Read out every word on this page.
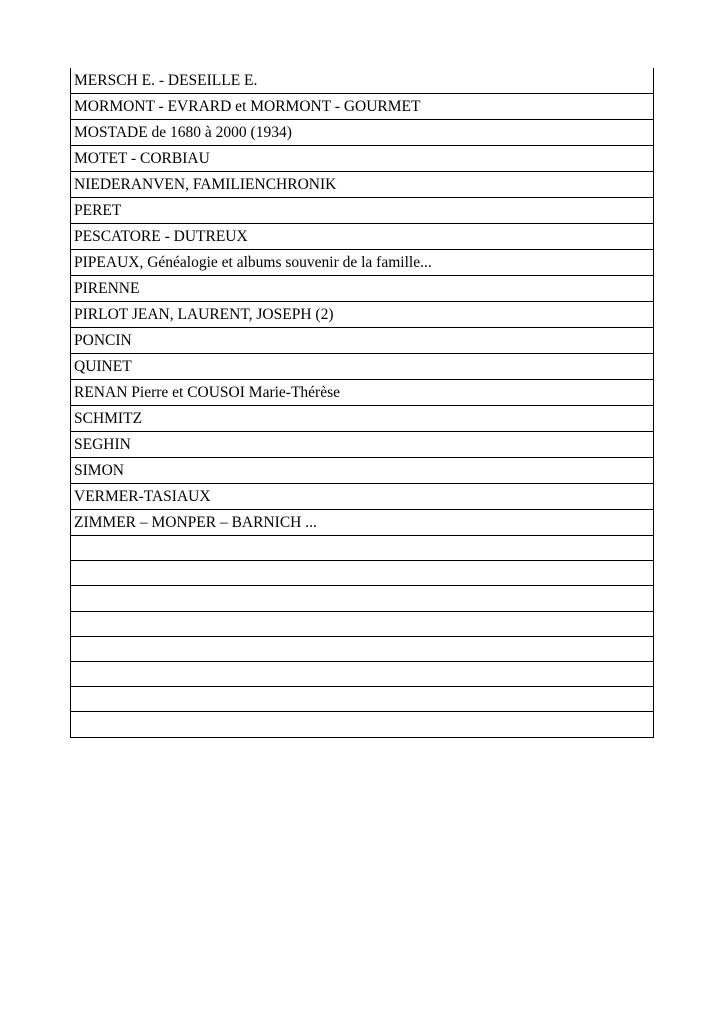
MERSCH E. - DESEILLE E.
MORMONT - EVRARD et MORMONT - GOURMET
MOSTADE de 1680 à 2000 (1934)
MOTET - CORBIAU
NIEDERANVEN, FAMILIENCHRONIK
PERET
PESCATORE - DUTREUX
PIPEAUX, Généalogie et albums souvenir de la famille...
PIRENNE
PIRLOT JEAN, LAURENT, JOSEPH (2)
PONCIN
QUINET
RENAN Pierre et COUSOI Marie-Thérèse
SCHMITZ
SEGHIN
SIMON
VERMER-TASIAUX
ZIMMER – MONPER – BARNICH ...
